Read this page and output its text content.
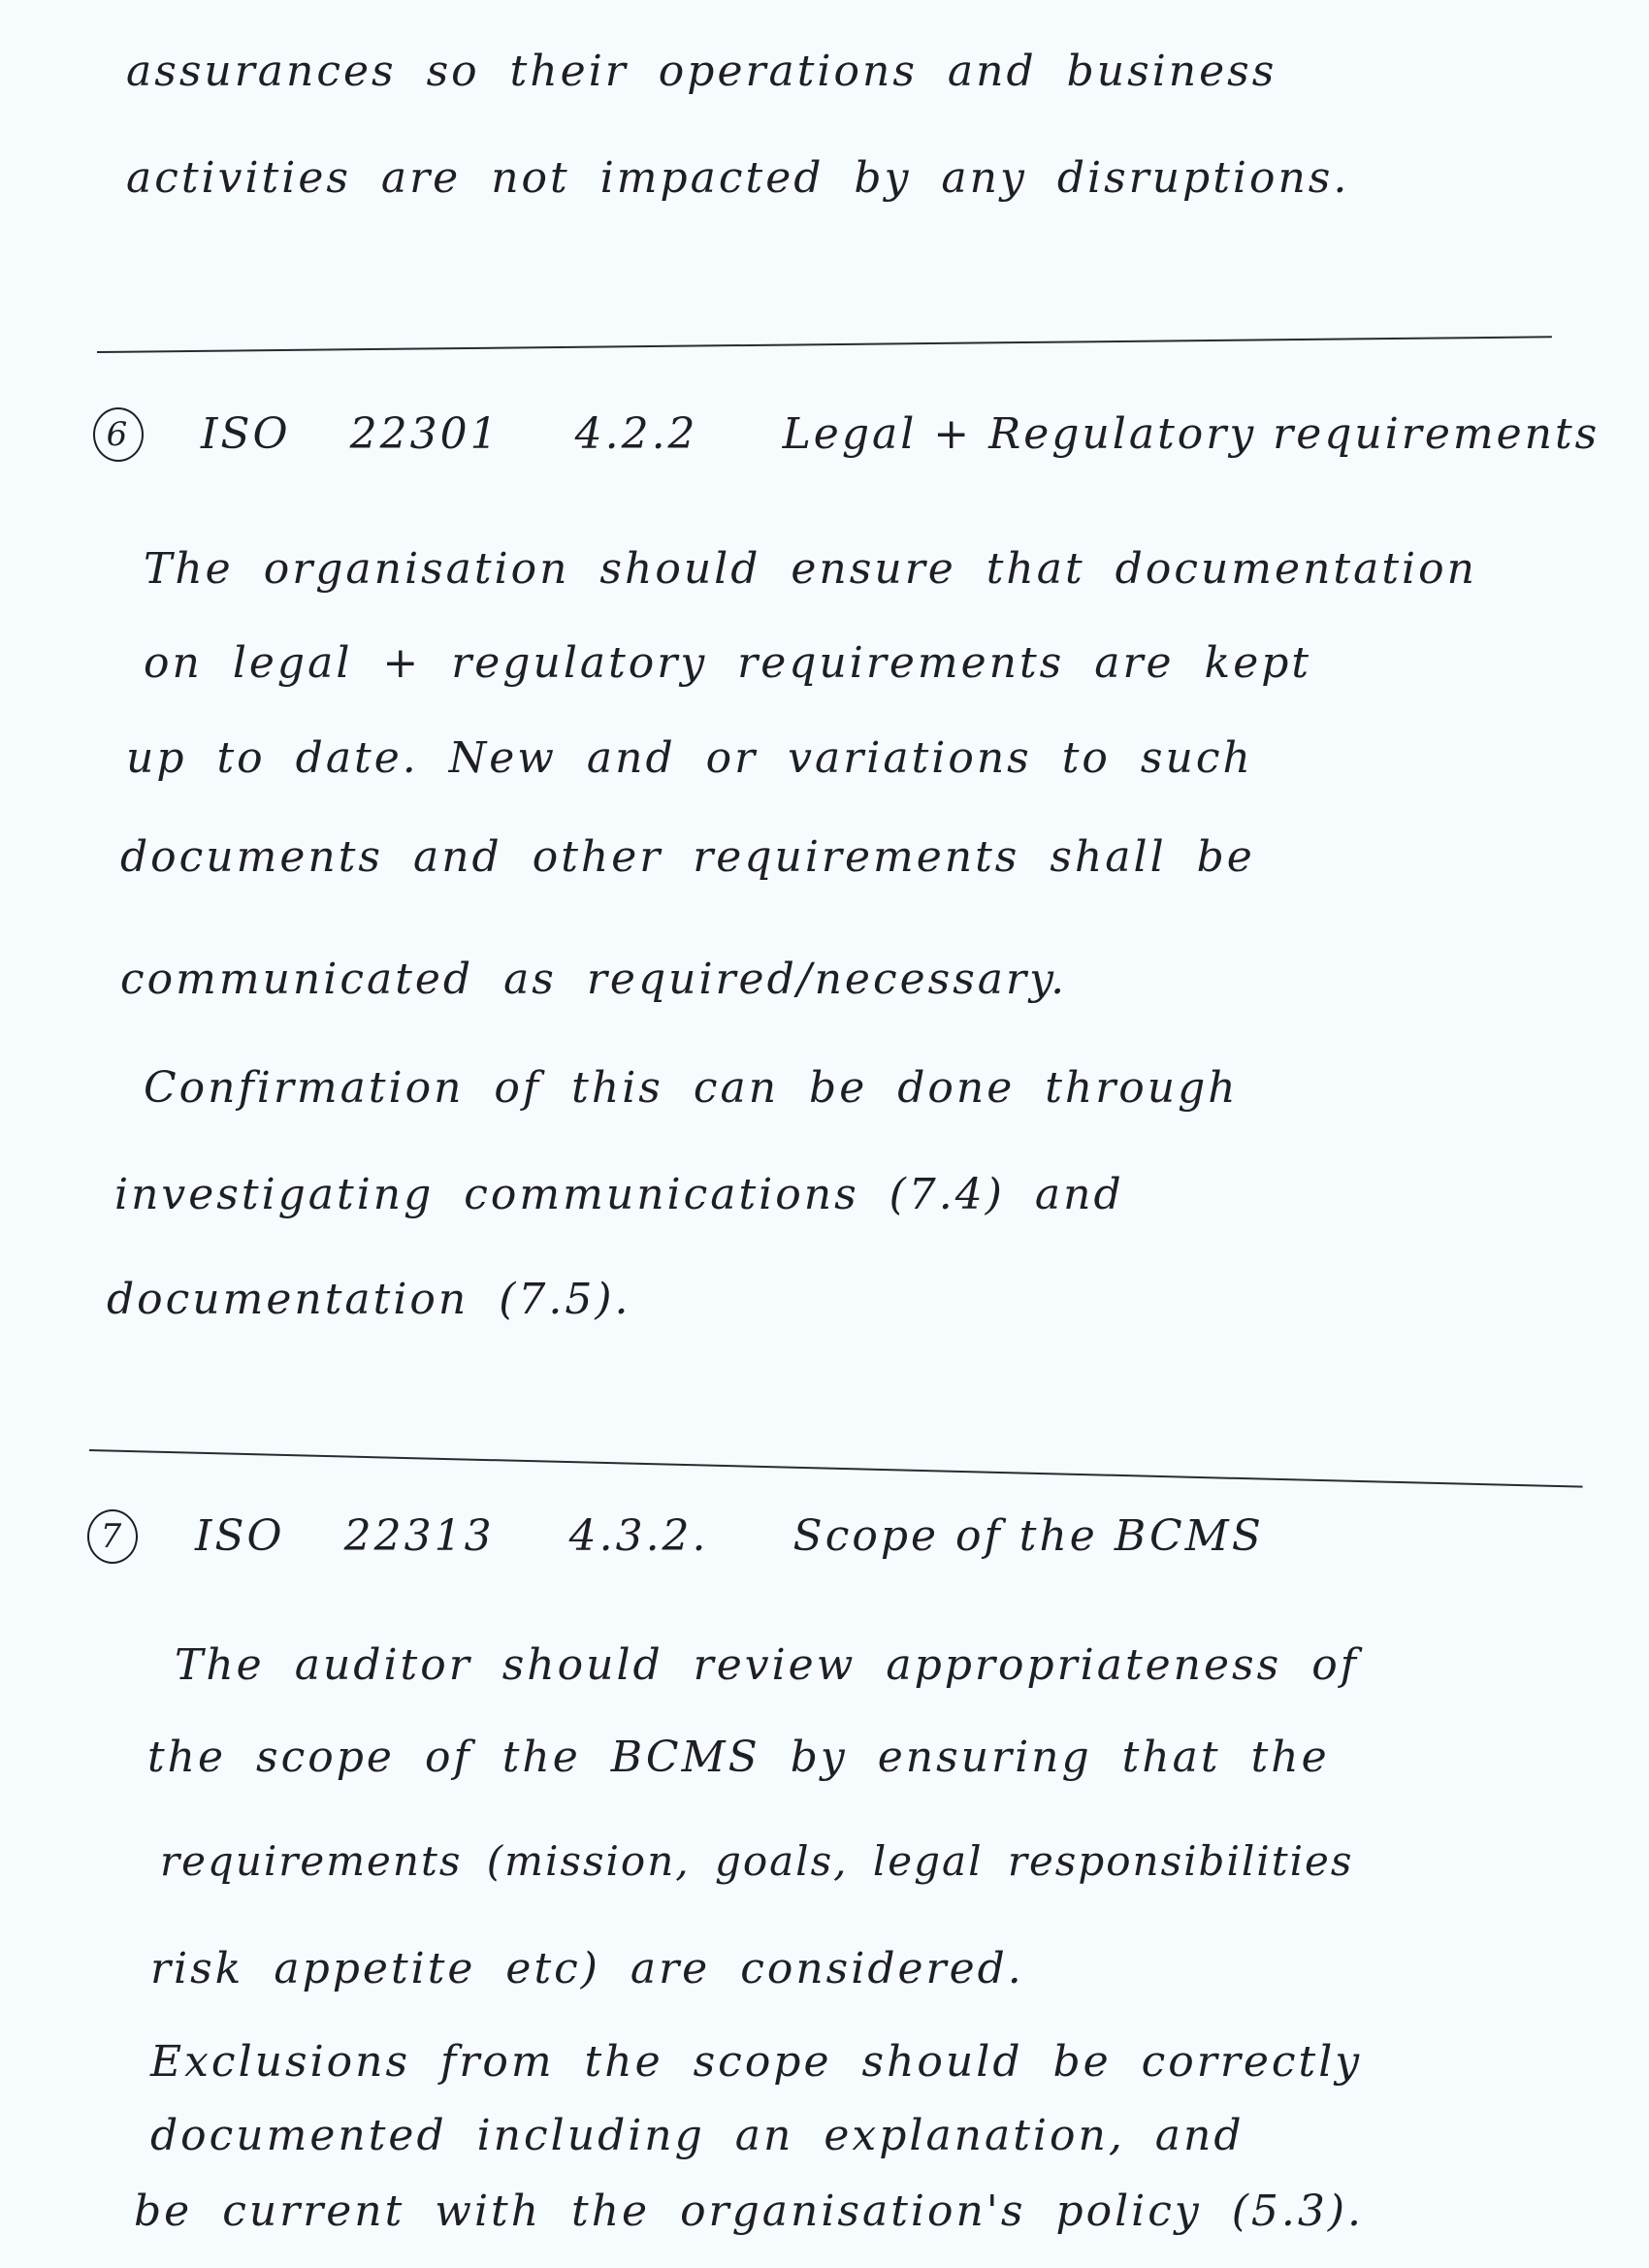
assurances so their operations and business
activities are not impacted by any disruptions.
6 ISO 22301 4.2.2 Legal + Regulatory requirements
The organisation should ensure that documentation
on legal + regulatory requirements are kept
up to date. New and or variations to such
documents and other requirements shall be
communicated as required/necessary.
Confirmation of this can be done through
investigating communications (7.4) and
documentation (7.5).
7 ISO 22313 4.3.2. Scope of the BCMS
The auditor should review appropriateness of
the scope of the BCMS by ensuring that the
requirements (mission, goals, legal responsibilities
risk appetite etc) are considered.
Exclusions from the scope should be correctly
documented including an explanation, and
be current with the organisation's policy (5.3).
